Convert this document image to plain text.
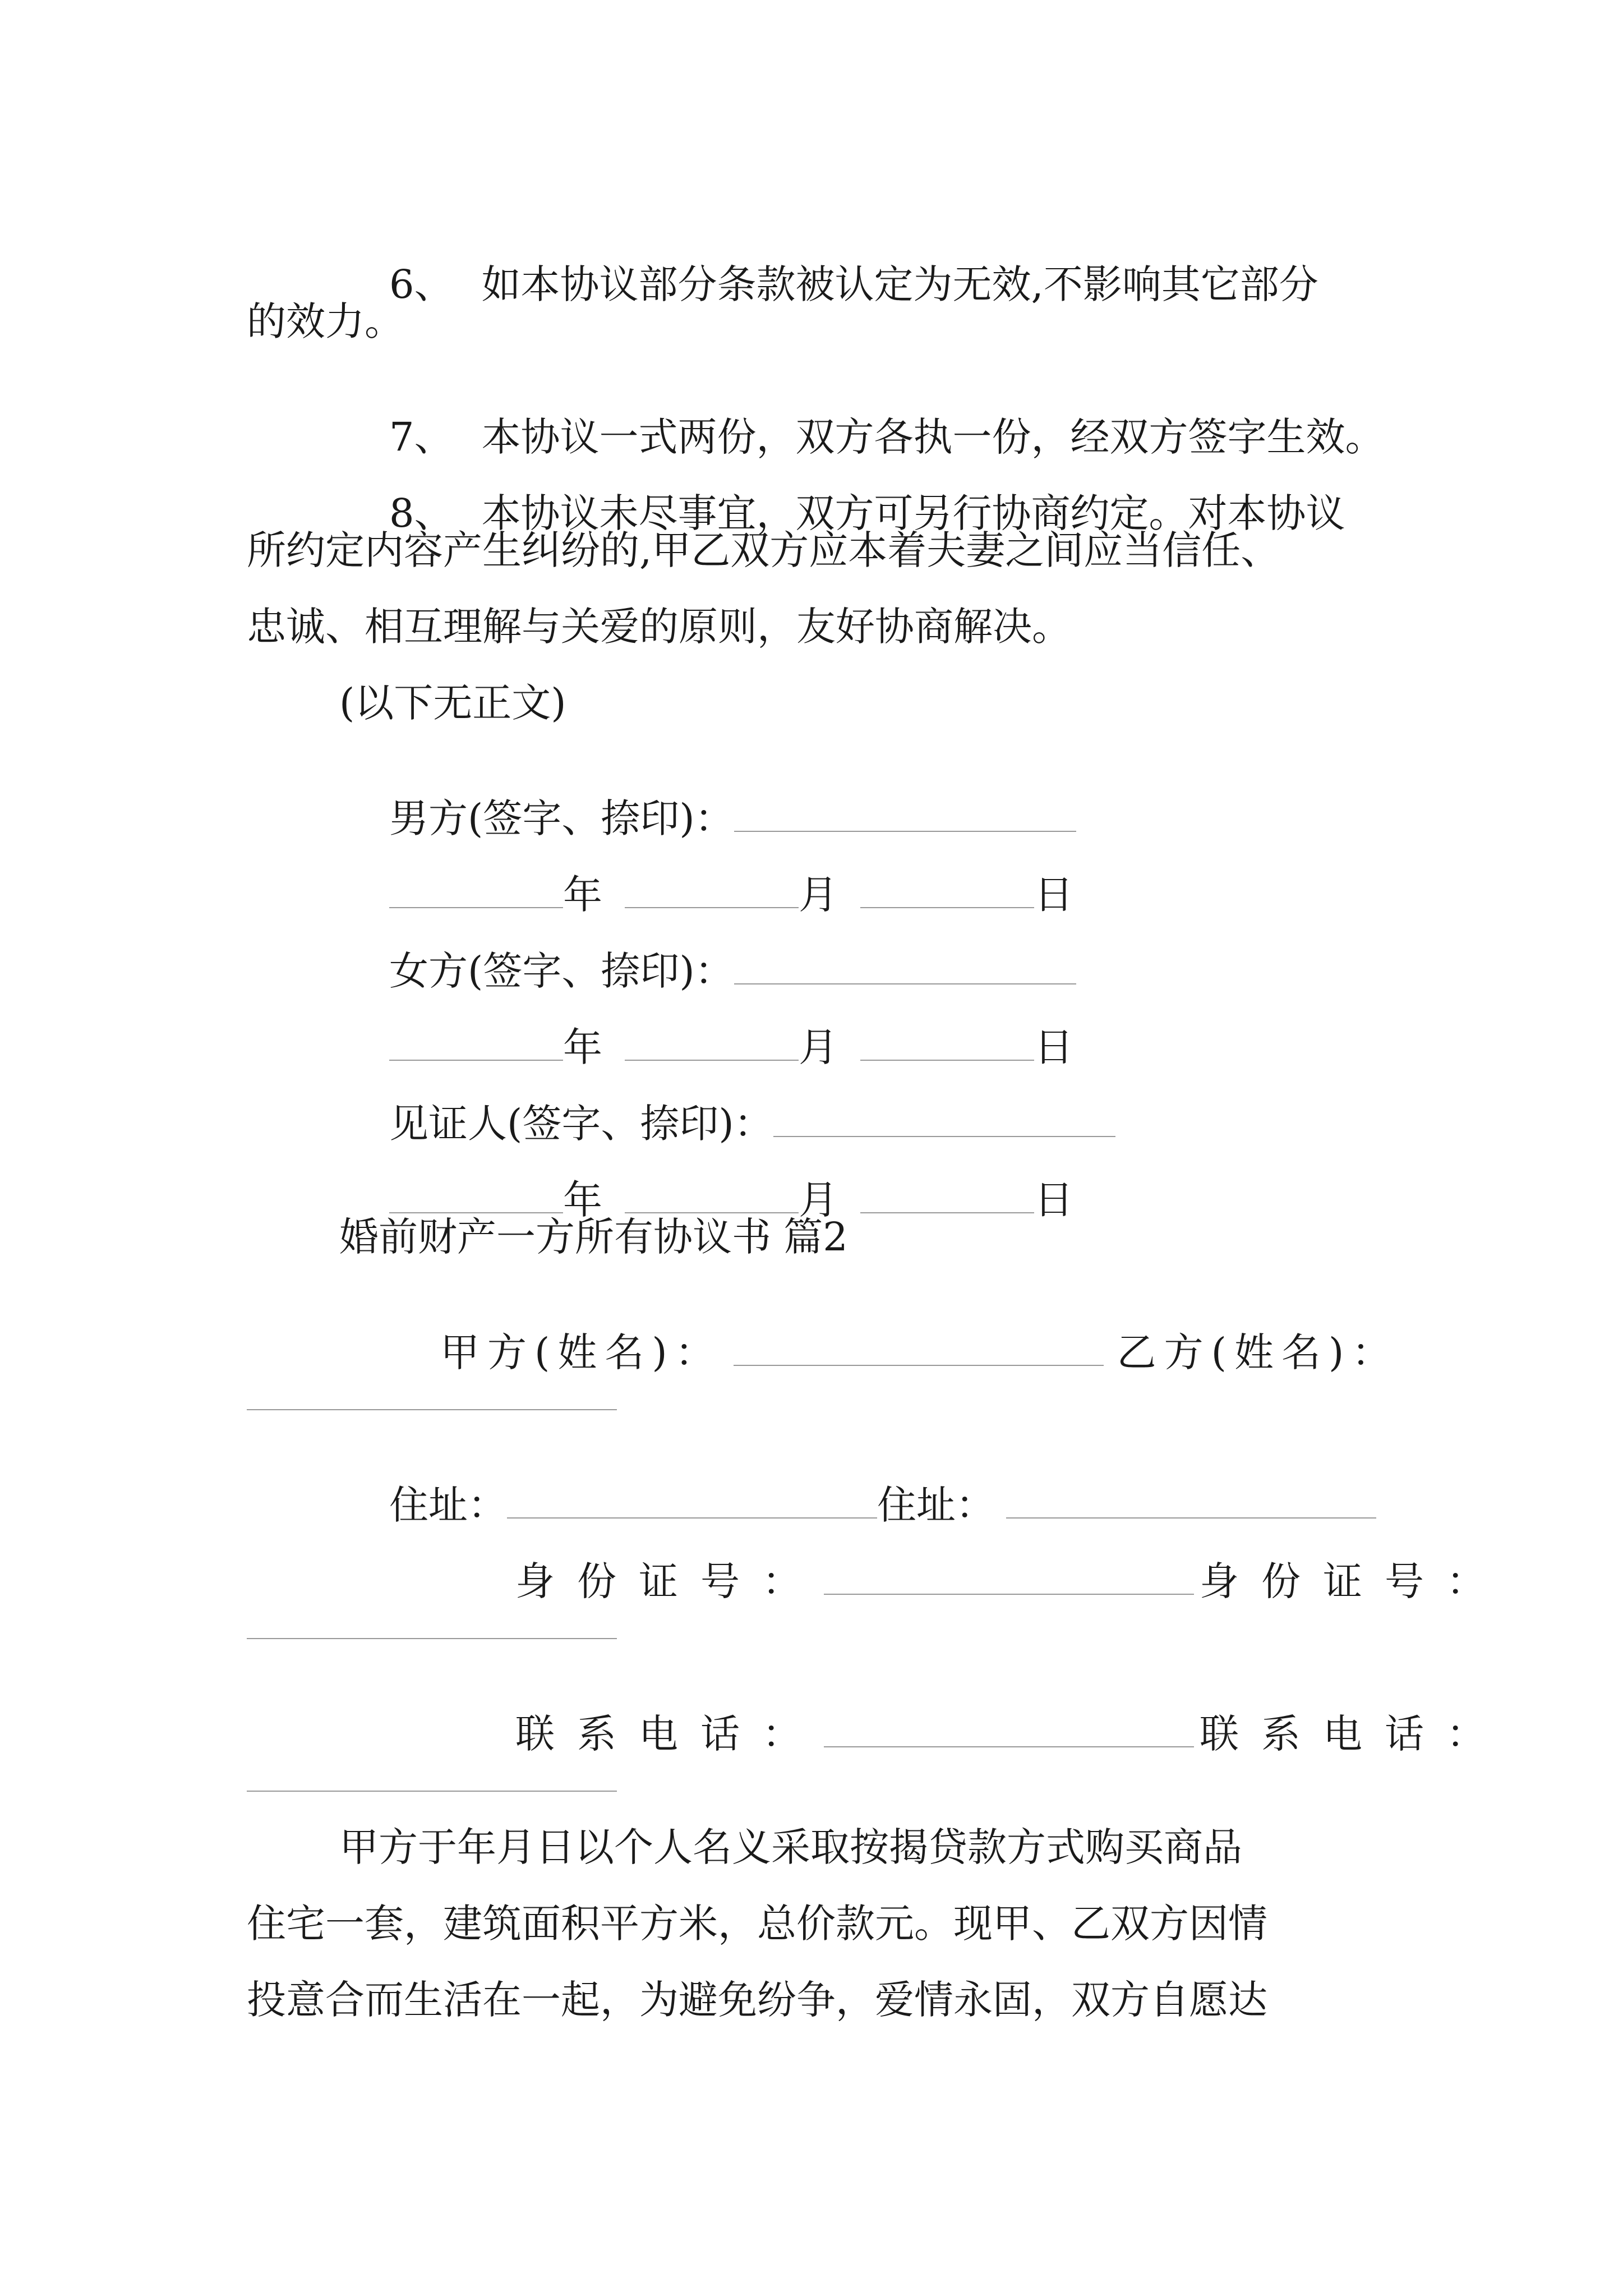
6、 如本协议部分条款被认定为无效,不影响其它部分

的效力。

7、 本协议一式两份，双方各执一份，经双方签字生效。

8、 本协议未尽事宜，双方可另行协商约定。对本协议

所约定内容产生纠纷的,甲乙双方应本着夫妻之间应当信任、
忠诚、相互理解与关爱的原则，友好协商解决。
(以下无正文)

男方(签字、捺印)：

年	月	日

女方(签字、捺印)：

年	月	日

见证人(签字、捺印)：

年	月	日

婚前财产一方所有协议书 篇2

甲方(姓名)：	乙方(姓名)：

住址：	住址：

身份证号：	身份证号：

联系电话：	联系电话：

甲方于年月日以个人名义采取按揭贷款方式购买商品
住宅一套，建筑面积平方米，总价款元。现甲、乙双方因情
投意合而生活在一起，为避免纷争，爱情永固，双方自愿达
